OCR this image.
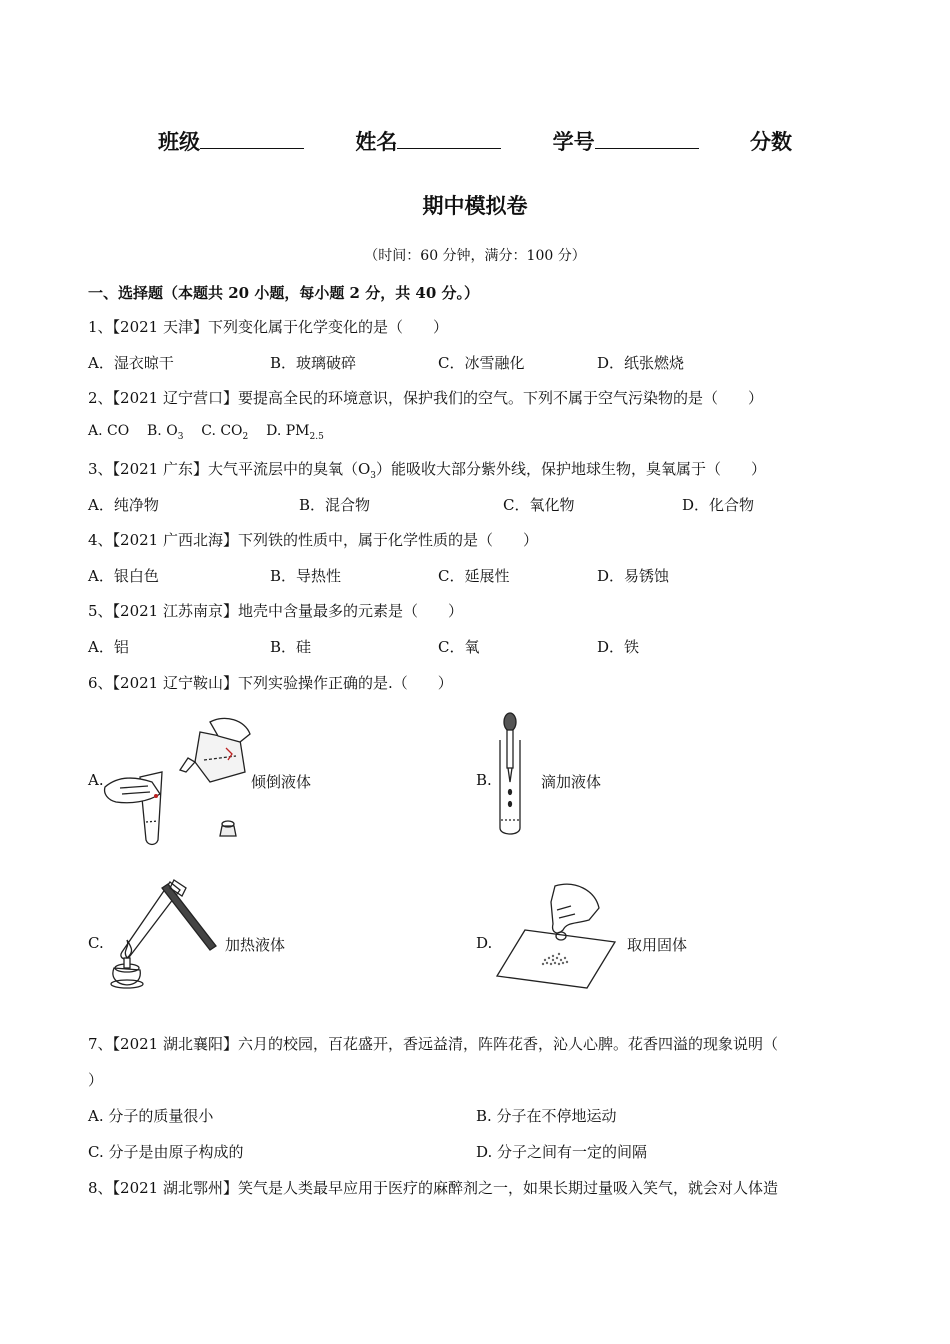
班级	姓名	学号	分数
期中模拟卷
（时间：60 分钟，满分：100 分）
一、选择题（本题共 20 小题，每小题 2 分，共 40 分。）
1、【2021 天津】下列变化属于化学变化的是（　　）
A．湿衣晾干	B．玻璃破碎	C．冰雪融化	D．纸张燃烧
2、【2021 辽宁营口】要提高全民的环境意识，保护我们的空气。下列不属于空气污染物的是（　　）
A. CO B. $O_3$ C. $CO_2$ D. $PM_{2.5}$
3、【2021 广东】大气平流层中的臭氧$(O_3)$能吸收大部分紫外线，保护地球生物，臭氧属于（　　）
A．纯净物	B．混合物	C．氧化物	D．化合物
4、【2021 广西北海】下列铁的性质中，属于化学性质的是（　　）
A．银白色	B．导热性	C．延展性	D．易锈蚀
5、【2021 江苏南京】地壳中含量最多的元素是（　　）
A．铝	B．硅	C．氧	D．铁
6、【2021 辽宁鞍山】下列实验操作正确的是.（　　）
A.	倾倒液体	B.	滴加液体
C.	加热液体	D.	取用固体
7、【2021 湖北襄阳】六月的校园，百花盛开，香远益清，阵阵花香，沁人心脾。花香四溢的现象说明（
）
A. 分子的质量很小	B. 分子在不停地运动
C. 分子是由原子构成的	D. 分子之间有一定的间隔
8、【2021 湖北鄂州】笑气是人类最早应用于医疗的麻醉剂之一，如果长期过量吸入笑气，就会对人体造
